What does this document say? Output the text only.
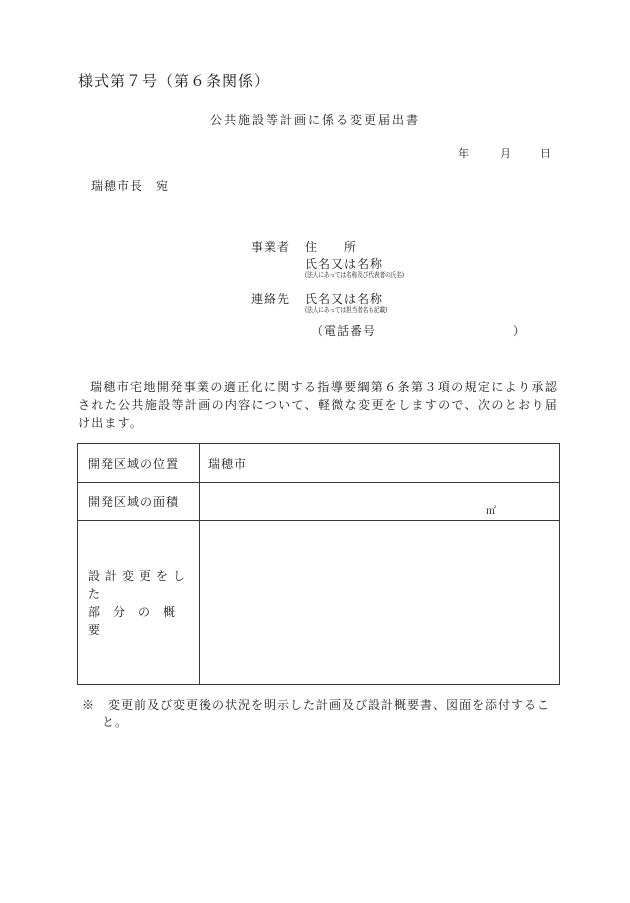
様式第７号（第６条関係）
公共施設等計画に係る変更届出書
年	月	日
瑞穂市長　宛
事業者 住　　所
氏名又は名称
(法人にあっては名称及び代表者の氏名)
連絡先 氏名又は名称
(法人にあっては担当者名も記載)
（電話番号	）
瑞穂市宅地開発事業の適正化に関する指導要綱第６条第３項の規定により承認された公共施設等計画の内容について、軽微な変更をしますので、次のとおり届け出ます。
開発区域の位置	瑞穂市
開発区域の面積	㎡

設計変更をした
部分の概要	

※　 変更前及び変更後の状況を明示した計画及び設計概要書、図面を添付すること。
